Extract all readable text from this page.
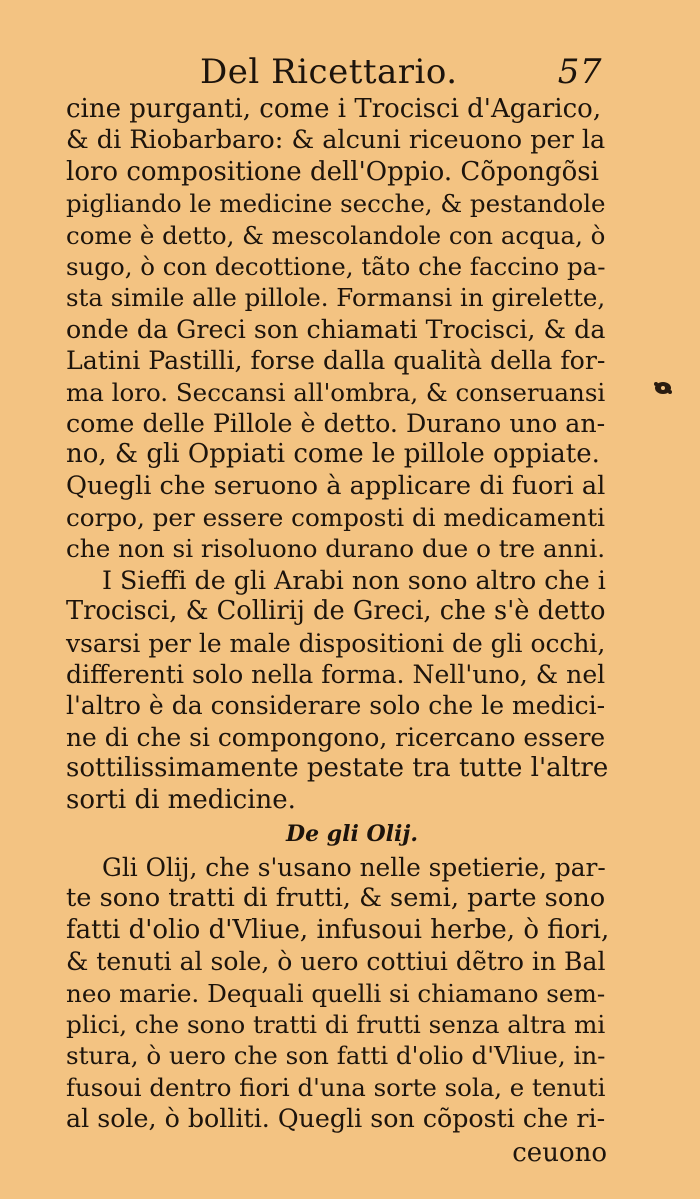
Del Ricettario.	57
cine purganti, come i Trocisci d'Agarico,
& di Riobarbaro: & alcuni riceuono per la
loro compositione dell'Oppio. Cõpongõsi
pigliando le medicine secche, & pestandole
come è detto, & mescolandole con acqua, ò
sugo, ò con decottione, tãto che faccino pa-
sta simile alle pillole. Formansi in girelette,
onde da Greci son chiamati Trocisci, & da
Latini Pastilli, forse dalla qualità della for-
ma loro. Seccansi all'ombra, & conseruansi
come delle Pillole è detto. Durano uno an-
no, & gli Oppiati come le pillole oppiate.
Quegli che seruono à applicare di fuori al
corpo, per essere composti di medicamenti
che non si risoluono durano due o tre anni.
I Sieffi de gli Arabi non sono altro che i
Trocisci, & Collirij de Greci, che s'è detto
vsarsi per le male dispositioni de gli occhi,
differenti solo nella forma. Nell'uno, & nel
l'altro è da considerare solo che le medici-
ne di che si compongono, ricercano essere
sottilissimamente pestate tra tutte l'altre
sorti di medicine.
De gli Olij.
Gli Olij, che s'usano nelle spetierie, par-
te sono tratti di frutti, & semi, parte sono
fatti d'olio d'Vliue, infusoui herbe, ò fiori,
& tenuti al sole, ò uero cottiui dẽtro in Bal
neo marie. Dequali quelli si chiamano sem-
plici, che sono tratti di frutti senza altra mi
stura, ò uero che son fatti d'olio d'Vliue, in-
fusoui dentro fiori d'una sorte sola, e tenuti
al sole, ò bolliti. Quegli son cõposti che ri-
ceuono
